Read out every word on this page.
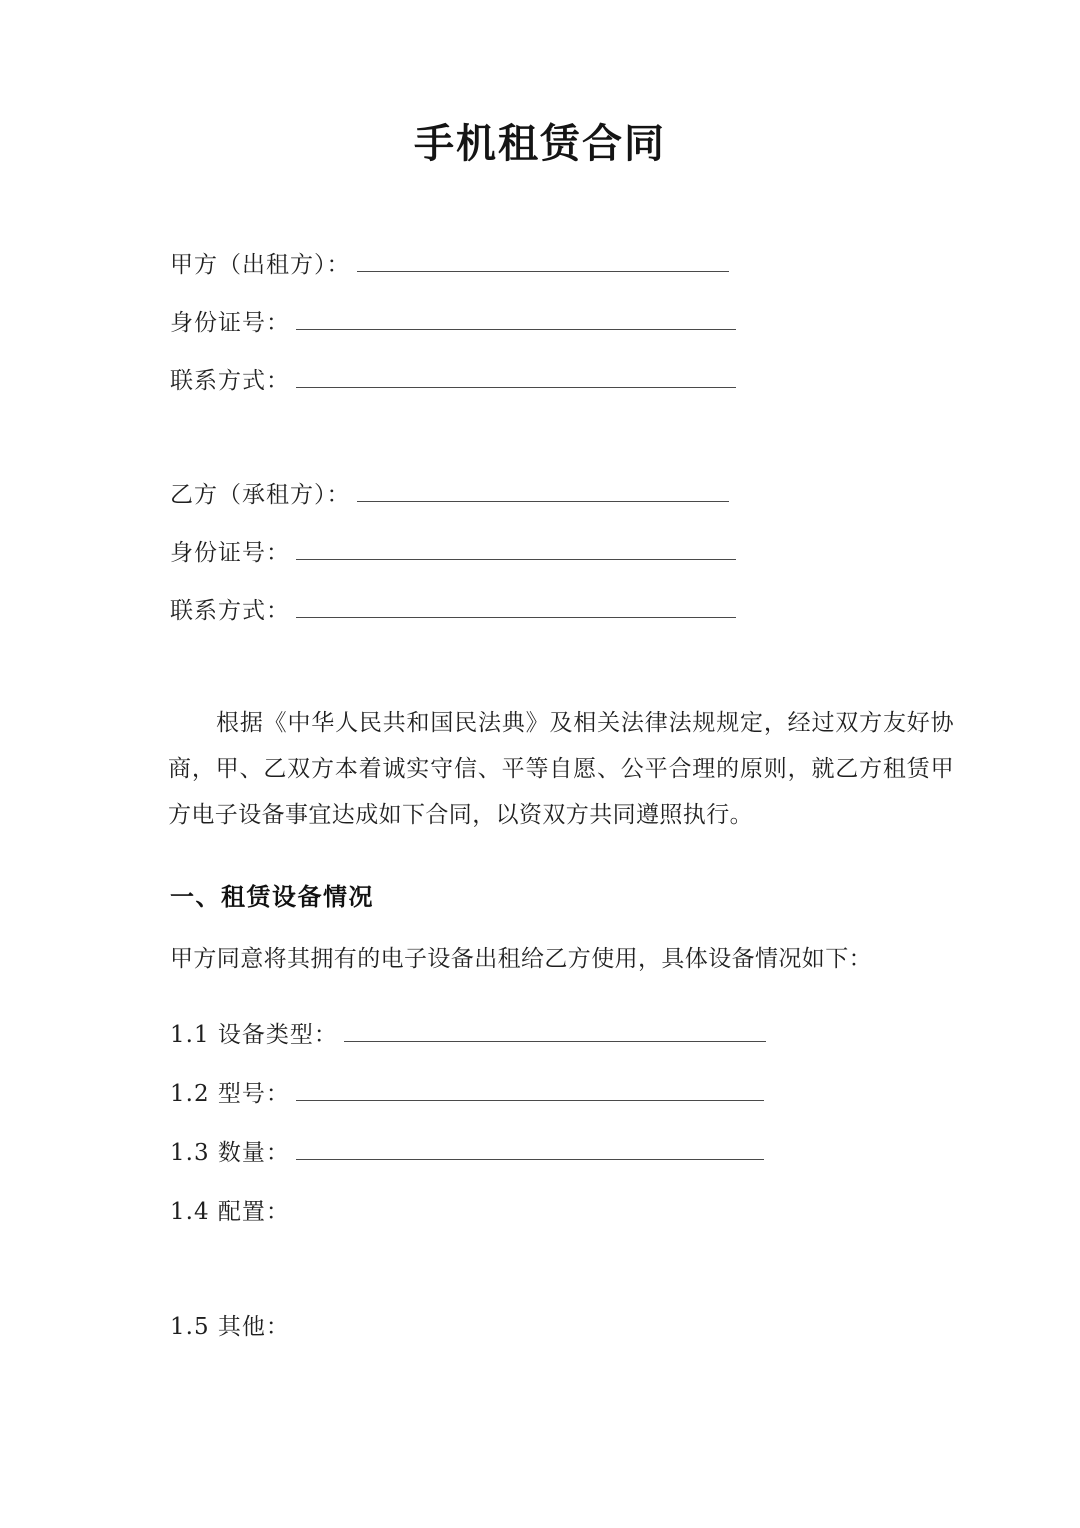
手机租赁合同
甲方（出租方）：
身份证号：
联系方式：
乙方（承租方）：
身份证号：
联系方式：
根据《中华人民共和国民法典》及相关法律法规规定，经过双方友好协商，甲、乙双方本着诚实守信、平等自愿、公平合理的原则，就乙方租赁甲方电子设备事宜达成如下合同，以资双方共同遵照执行。
一、租赁设备情况
甲方同意将其拥有的电子设备出租给乙方使用，具体设备情况如下：
1.1 设备类型：
1.2 型号：
1.3 数量：
1.4 配置：
1.5 其他：
